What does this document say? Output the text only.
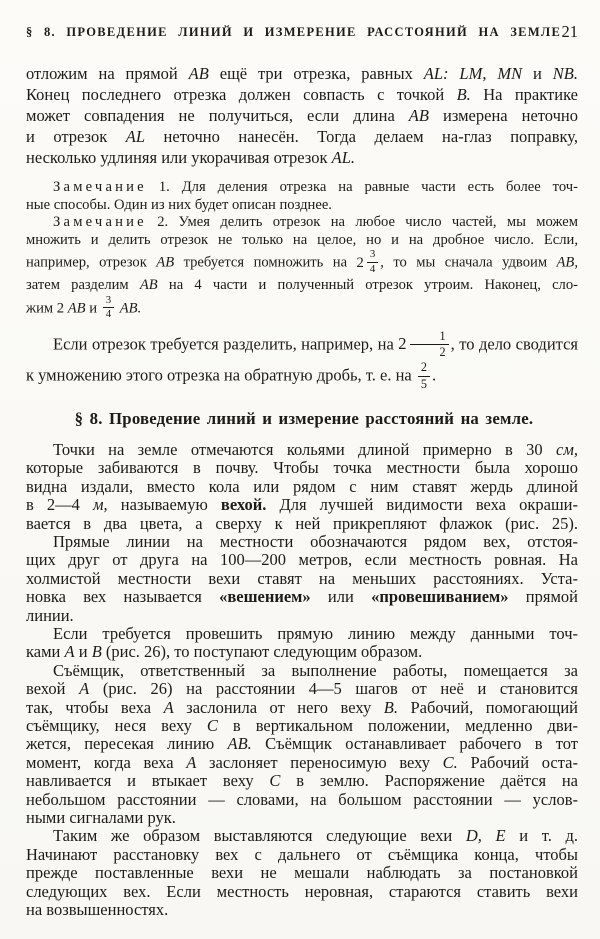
§ 8. ПРОВЕДЕНИЕ ЛИНИЙ И ИЗМЕРЕНИЕ РАССТОЯНИЙ НА ЗЕМЛЕ 21
отложим на прямой AB ещё три отрезка, равных AL: LM, MN и NB.
Конец последнего отрезка должен совпасть с точкой B. На практике
может совпадения не получиться, если длина AB измерена неточно
и отрезок AL неточно нанесён. Тогда делаем на-глаз поправку,
несколько удлиняя или укорачивая отрезок AL.
Замечание 1. Для деления отрезка на равные части есть более точ-
ные способы. Один из них будет описан позднее.
Замечание 2. Умея делить отрезок на любое число частей, мы можем
множить и делить отрезок не только на целое, но и на дробное число. Если,
например, отрезок AB требуется помножить на $2 \frac{3}{4}$ , то мы сначала удвоим AB,
затем разделим AB на 4 части и полученный отрезок утроим. Наконец, сло-
жим 2 AB и $\frac{3}{4}$ AB.
Если отрезок требуется разделить, например, на $2 \frac{1}{2}$ , то дело сводится
к умножению этого отрезка на обратную дробь, т. е. на $\frac{2}{5}$ .
§ 8. Проведение линий и измерение расстояний на земле.
Точки на земле отмечаются кольями длиной примерно в 30 см,
которые забиваются в почву. Чтобы точка местности была хорошо
видна издали, вместо кола или рядом с ним ставят жердь длиной
в 2—4 м, называемую вехой. Для лучшей видимости веха окраши-
вается в два цвета, а сверху к ней прикрепляют флажок (рис. 25).
Прямые линии на местности обозначаются рядом вех, отстоя-
щих друг от друга на 100—200 метров, если местность ровная. На
холмистой местности вехи ставят на меньших расстояниях. Уста-
новка вех называется «вешением» или «провешиванием» прямой
линии.
Если требуется провешить прямую линию между данными точ-
ками A и B (рис. 26), то поступают следующим образом.
Съёмщик, ответственный за выполнение работы, помещается за
вехой A (рис. 26) на расстоянии 4—5 шагов от неё и становится
так, чтобы веха A заслонила от него веху B. Рабочий, помогающий
съёмщику, неся веху C в вертикальном положении, медленно дви-
жется, пересекая линию AB. Съёмщик останавливает рабочего в тот
момент, когда веха A заслоняет переносимую веху C. Рабочий оста-
навливается и втыкает веху C в землю. Распоряжение даётся на
небольшом расстоянии — словами, на большом расстоянии — услов-
ными сигналами рук.
Таким же образом выставляются следующие вехи D, E и т. д.
Начинают расстановку вех с дальнего от съёмщика конца, чтобы
прежде поставленные вехи не мешали наблюдать за постановкой
следующих вех. Если местность неровная, стараются ставить вехи
на возвышенностях.
